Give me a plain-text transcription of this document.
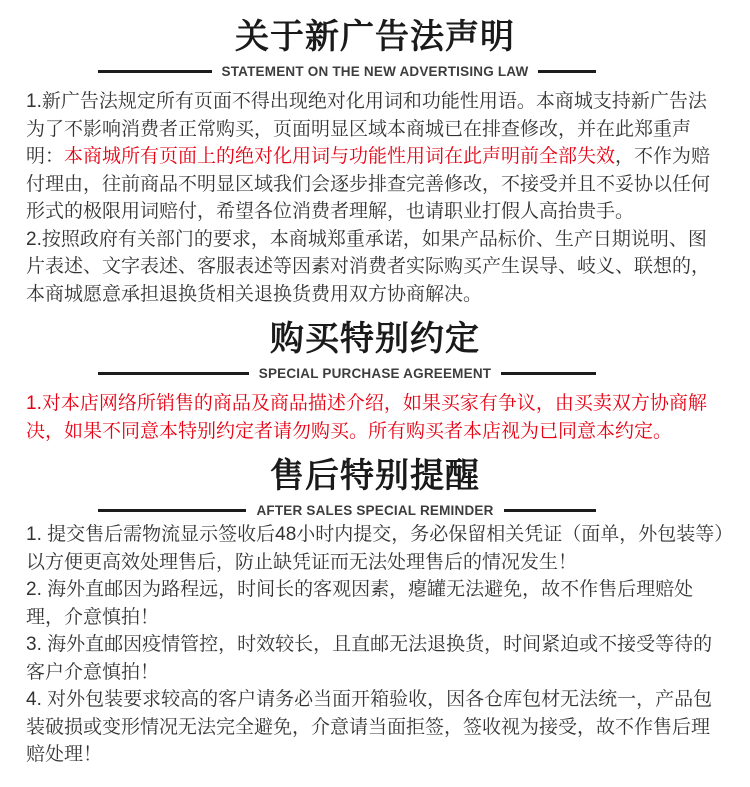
关于新广告法声明
STATEMENT ON THE NEW ADVERTISING LAW

1.新广告法规定所有页面不得出现绝对化用词和功能性用语。本商城支持新广告法为了不影响消费者正常购买，页面明显区域本商城已在排查修改，并在此郑重声明：本商城所有页面上的绝对化用词与功能性用词在此声明前全部失效，不作为赔付理由，往前商品不明显区域我们会逐步排查完善修改，不接受并且不妥协以任何形式的极限用词赔付，希望各位消费者理解，也请职业打假人高抬贵手。

2.按照政府有关部门的要求，本商城郑重承诺，如果产品标价、生产日期说明、图片表述、文字表述、客服表述等因素对消费者实际购买产生误导、岐义、联想的，本商城愿意承担退换货相关退换货费用双方协商解决。

购买特别约定
SPECIAL PURCHASE AGREEMENT

1.对本店网络所销售的商品及商品描述介绍，如果买家有争议，由买卖双方协商解决，如果不同意本特别约定者请勿购买。所有购买者本店视为已同意本约定。

售后特别提醒
AFTER SALES SPECIAL REMINDER

1. 提交售后需物流显示签收后48小时内提交，务必保留相关凭证（面单，外包装等）以方便更高效处理售后，防止缺凭证而无法处理售后的情况发生！

2. 海外直邮因为路程远，时间长的客观因素，瘪罐无法避免，故不作售后理赔处理，介意慎拍！

3. 海外直邮因疫情管控，时效较长，且直邮无法退换货，时间紧迫或不接受等待的客户介意慎拍！

4. 对外包装要求较高的客户请务必当面开箱验收，因各仓库包材无法统一，产品包装破损或变形情况无法完全避免，介意请当面拒签，签收视为接受，故不作售后理赔处理！
